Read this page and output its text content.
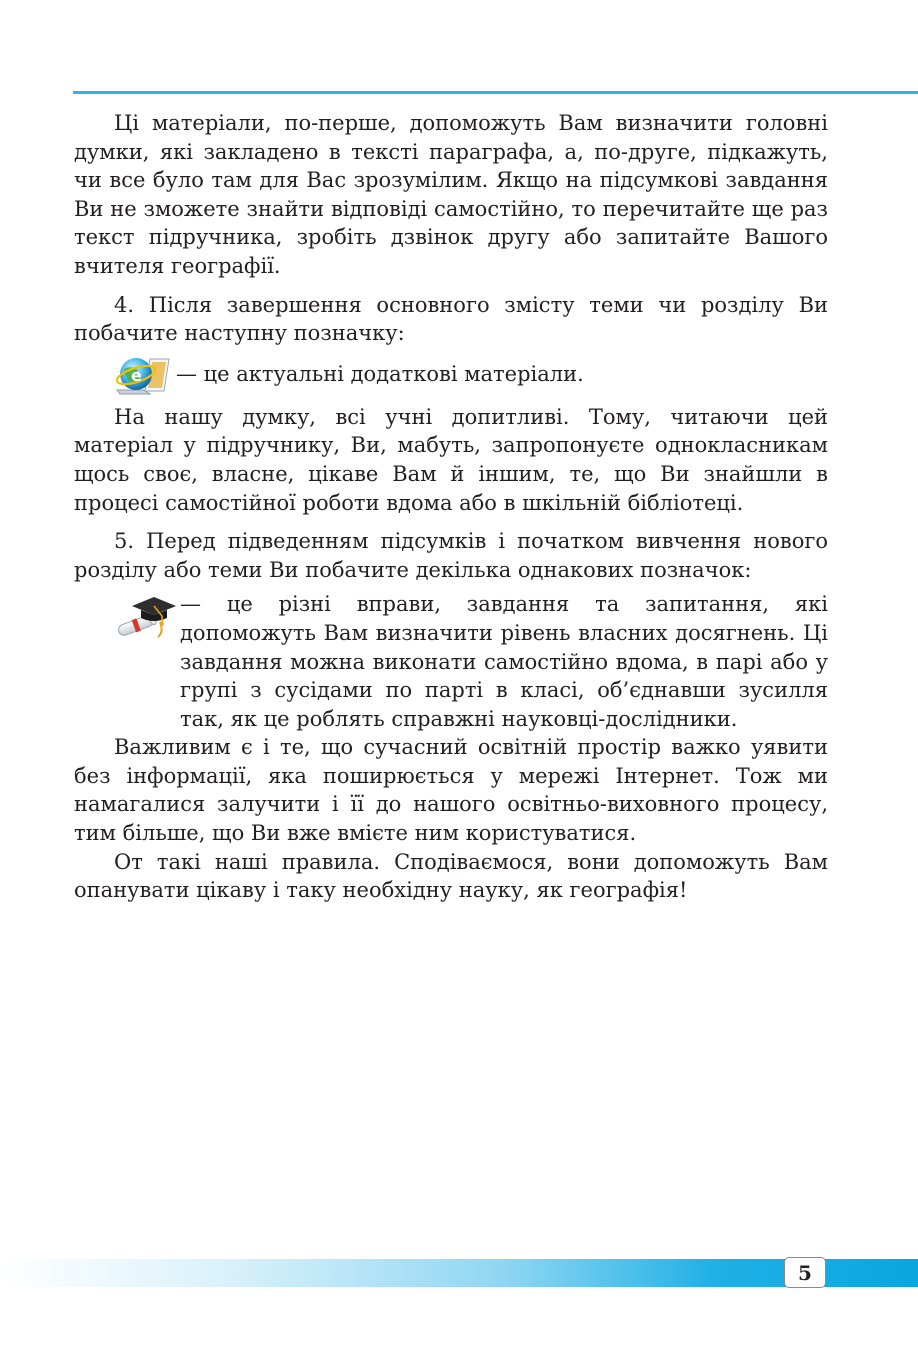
Ці матеріали, по-перше, допоможуть Вам визначити головні думки, які закладено в тексті параграфа, а, по-друге, підкажуть, чи все було там для Вас зрозумілим. Якщо на підсумкові завдання Ви не зможете знайти відповіді самостійно, то перечитайте ще раз текст підручника, зробіть дзвінок другу або запитайте Вашого вчителя географії.

4. Після завершення основного змісту теми чи розділу Ви побачите наступну позначку:

e — це актуальні додаткові матеріали.

На нашу думку, всі учні допитливі. Тому, читаючи цей матеріал у підручнику, Ви, мабуть, запропонуєте однокласникам щось своє, власне, цікаве Вам й іншим, те, що Ви знайшли в процесі самостійної роботи вдома або в шкільній бібліотеці.

5. Перед підведенням підсумків і початком вивчення нового розділу або теми Ви побачите декілька однакових позначок:

— це різні вправи, завдання та запитання, які допоможуть Вам визначити рівень власних досягнень. Ці завдання можна виконати самостійно вдома, в парі або у групі з сусідами по парті в класі, об’єднавши зусилля так, як це роблять справжні науковці-дослідники.

Важливим є і те, що сучасний освітній простір важко уявити без інформації, яка поширюється у мережі Інтернет. Тож ми намагалися залучити і її до нашого освітньо-виховного процесу, тим більше, що Ви вже вмієте ним користуватися.

От такі наші правила. Сподіваємося, вони допоможуть Вам опанувати цікаву і таку необхідну науку, як географія!

5
